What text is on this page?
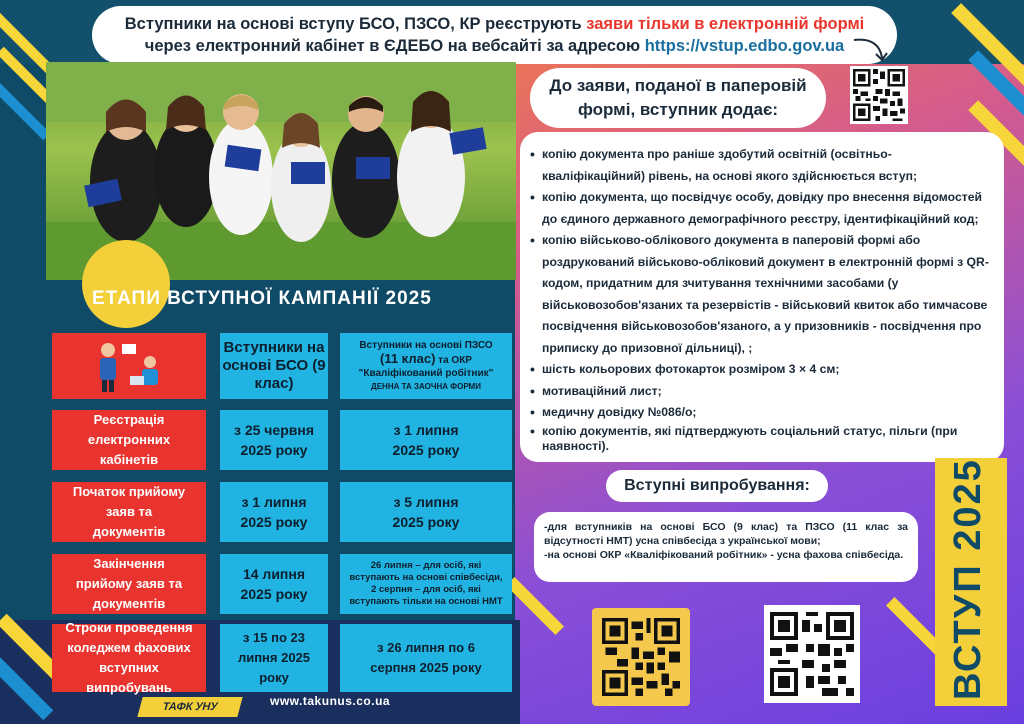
Вступники на основі вступу БСО, ПЗСО, КР реєструють заяви тільки в електронній формі
через електронний кабінет в ЄДЕБО на вебсайті за адресою https://vstup.edbo.gov.ua
ЕТАПИ ВСТУПНОЇ КАМПАНІЇ 2025
Вступники на основі БСО (9 клас)
Вступники на основі ПЗСО
(11 клас) та ОКР
"Кваліфікований робітник"
ДЕННА ТА ЗАОЧНА ФОРМИ
Реєстрація електронних кабінетів
з 25 червня 2025 року
з 1 липня 2025 року
Початок прийому заяв та документів
з 1 липня 2025 року
з 5 липня 2025 року
Закінчення прийому заяв та документів
14 липня 2025 року
26 липня – для осіб, які вступають на основі співбесіди, 2 серпня – для осіб, які вступають тільки на основі НМТ
Строки проведення коледжем фахових вступних випробувань
з 15 по 23 липня 2025 року
з 26 липня по 6 серпня 2025 року
ТАФК УНУ	www.takunus.co.ua
До заяви, поданої в паперовій
формі, вступник додає:
• копію документа про раніше здобутий освітній (освітньо-кваліфікаційний) рівень, на основі якого здійснюється вступ;
• копію документа, що посвідчує особу, довідку про внесення відомостей до єдиного державного демографічного реєстру, ідентифікаційний код;
• копію військово-облікового документа в паперовій формі або роздрукований військово-обліковий документ в електронній формі з QR-кодом, придатним для зчитування технічними засобами (у військовозобов'язаних та резервістів - військовий квиток або тимчасове посвідчення військовозобов'язаного, а у призовників - посвідчення про приписку до призовної дільниці), ;
• шість кольорових фотокарток розміром 3 × 4 см;
• мотиваційний лист;
• медичну довідку №086/о;
• копію документів, які підтверджують соціальний статус, пільги (при наявності).
Вступні випробування:
-для вступників на основі БСО (9 клас) та ПЗСО (11 клас за відсутності НМТ) усна співбесіда з української мови;
-на основі ОКР «Кваліфікований робітник» - усна фахова співбесіда. ВСТУП 2025
